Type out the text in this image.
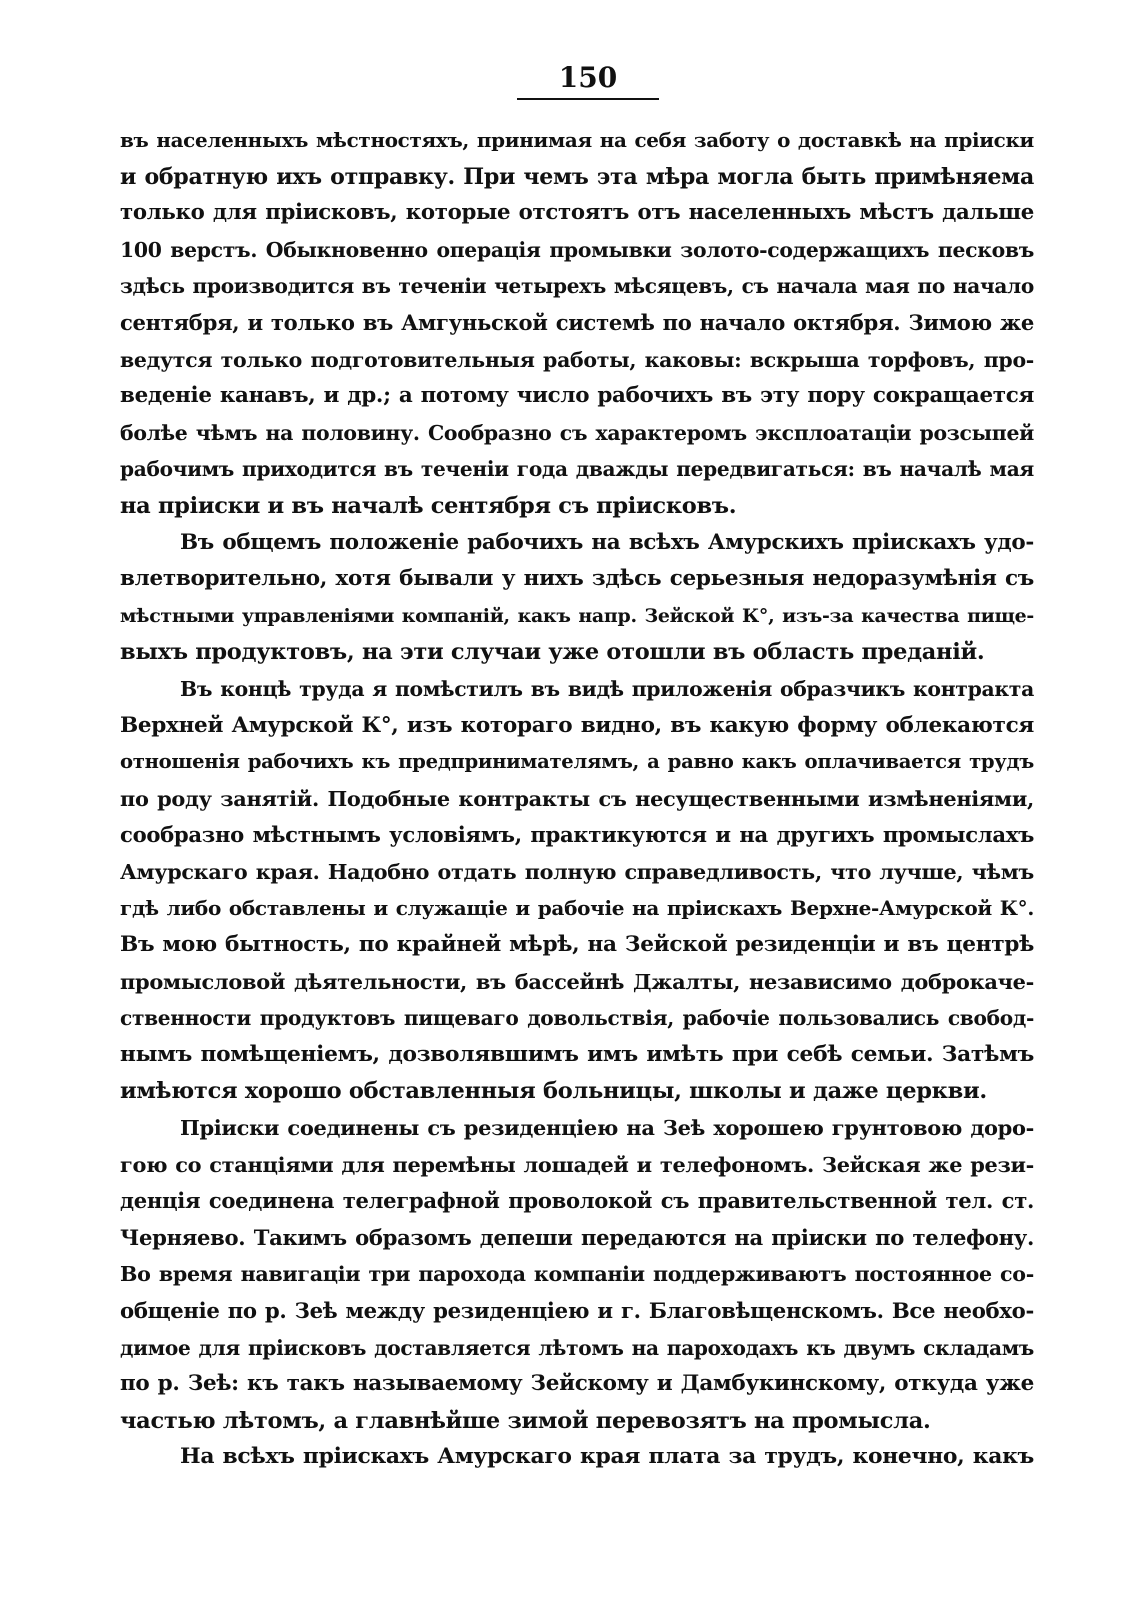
150
въ населенныхъ мѣстностяхъ, принимая на себя заботу о доставкѣ на пріиски
и обратную ихъ отправку. При чемъ эта мѣра могла быть примѣняема
только для пріисковъ, которые отстоятъ отъ населенныхъ мѣстъ дальше
100 верстъ. Обыкновенно операція промывки золото-содержащихъ песковъ
здѣсь производится въ теченіи четырехъ мѣсяцевъ, съ начала мая по начало
сентября, и только въ Амгуньской системѣ по начало октября. Зимою же
ведутся только подготовительныя работы, каковы: вскрыша торфовъ, про-
веденіе канавъ, и др.; а потому число рабочихъ въ эту пору сокращается
болѣе чѣмъ на половину. Сообразно съ характеромъ эксплоатаціи розсыпей
рабочимъ приходится въ теченіи года дважды передвигаться: въ началѣ мая
на пріиски и въ началѣ сентября съ пріисковъ.
Въ общемъ положеніе рабочихъ на всѣхъ Амурскихъ пріискахъ удо-
влетворительно, хотя бывали у нихъ здѣсь серьезныя недоразумѣнія съ
мѣстными управленіями компаній, какъ напр. Зейской К°, изъ-за качества пище-
выхъ продуктовъ, на эти случаи уже отошли въ область преданій.
Въ концѣ труда я помѣстилъ въ видѣ приложенія образчикъ контракта
Верхней Амурской К°, изъ котораго видно, въ какую форму облекаются
отношенія рабочихъ къ предпринимателямъ, а равно какъ оплачивается трудъ
по роду занятій. Подобные контракты съ несущественными измѣненіями,
сообразно мѣстнымъ условіямъ, практикуются и на другихъ промыслахъ
Амурскаго края. Надобно отдать полную справедливость, что лучше, чѣмъ
гдѣ либо обставлены и служащіе и рабочіе на пріискахъ Верхне-Амурской К°.
Въ мою бытность, по крайней мѣрѣ, на Зейской резиденціи и въ центрѣ
промысловой дѣятельности, въ бассейнѣ Джалты, независимо доброкаче-
ственности продуктовъ пищеваго довольствія, рабочіе пользовались свобод-
нымъ помѣщеніемъ, дозволявшимъ имъ имѣть при себѣ семьи. Затѣмъ
имѣются хорошо обставленныя больницы, школы и даже церкви.
Пріиски соединены съ резиденціею на Зеѣ хорошею грунтовою доро-
гою со станціями для перемѣны лошадей и телефономъ. Зейская же рези-
денція соединена телеграфной проволокой съ правительственной тел. ст.
Черняево. Такимъ образомъ депеши передаются на пріиски по телефону.
Во время навигаціи три парохода компаніи поддерживаютъ постоянное со-
общеніе по р. Зеѣ между резиденціею и г. Благовѣщенскомъ. Все необхо-
димое для пріисковъ доставляется лѣтомъ на пароходахъ къ двумъ складамъ
по р. Зеѣ: къ такъ называемому Зейскому и Дамбукинскому, откуда уже
частью лѣтомъ, а главнѣйше зимой перевозятъ на промысла.
На всѣхъ пріискахъ Амурскаго края плата за трудъ, конечно, какъ
